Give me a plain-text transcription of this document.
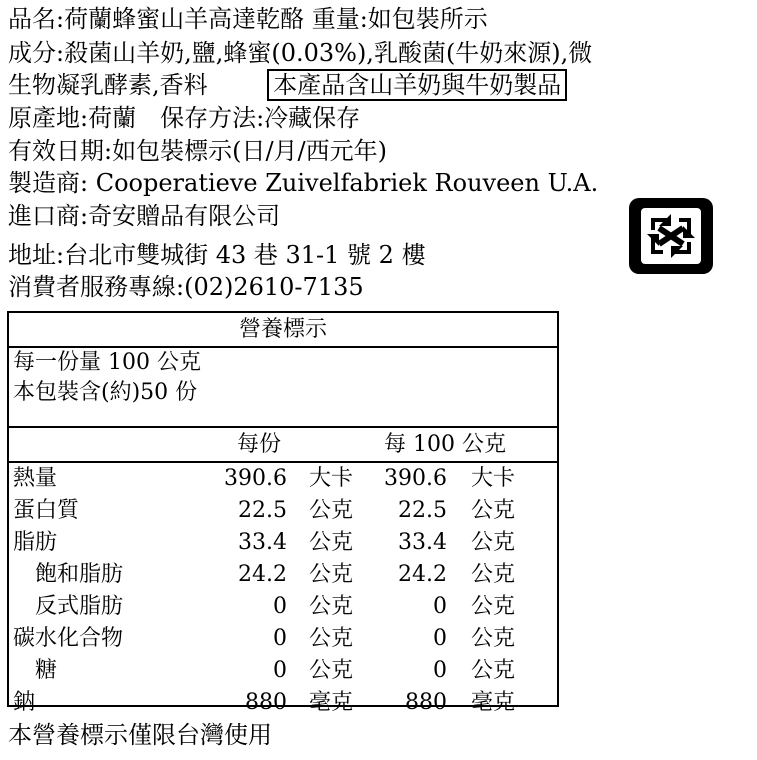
品名:荷蘭蜂蜜山羊高達乾酪 重量:如包裝所示
成分:殺菌山羊奶,鹽,蜂蜜(0.03%),乳酸菌(牛奶來源),微
生物凝乳酵素,香料	本產品含山羊奶與牛奶製品
原產地:荷蘭　保存方法:冷藏保存
有效日期:如包裝標示(日/月/西元年)
製造商: Cooperatieve Zuivelfabriek Rouveen U.A.
進口商:奇安贈品有限公司
地址:台北市雙城街 43 巷 31-1 號 2 樓
消費者服務專線:(02)2610-7135
營養標示
每一份量 100 公克
本包裝含(約)50 份
每份	每 100 公克
熱量	390.6 大卡 390.6 大卡
蛋白質	22.5 公克 22.5 公克
脂肪	33.4 公克 33.4 公克
　飽和脂肪	24.2 公克 24.2 公克
　反式脂肪	0 公克	0 公克
碳水化合物	0 公克	0 公克
　糖	0 公克	0 公克
鈉	880 毫克 880 毫克
本營養標示僅限台灣使用
